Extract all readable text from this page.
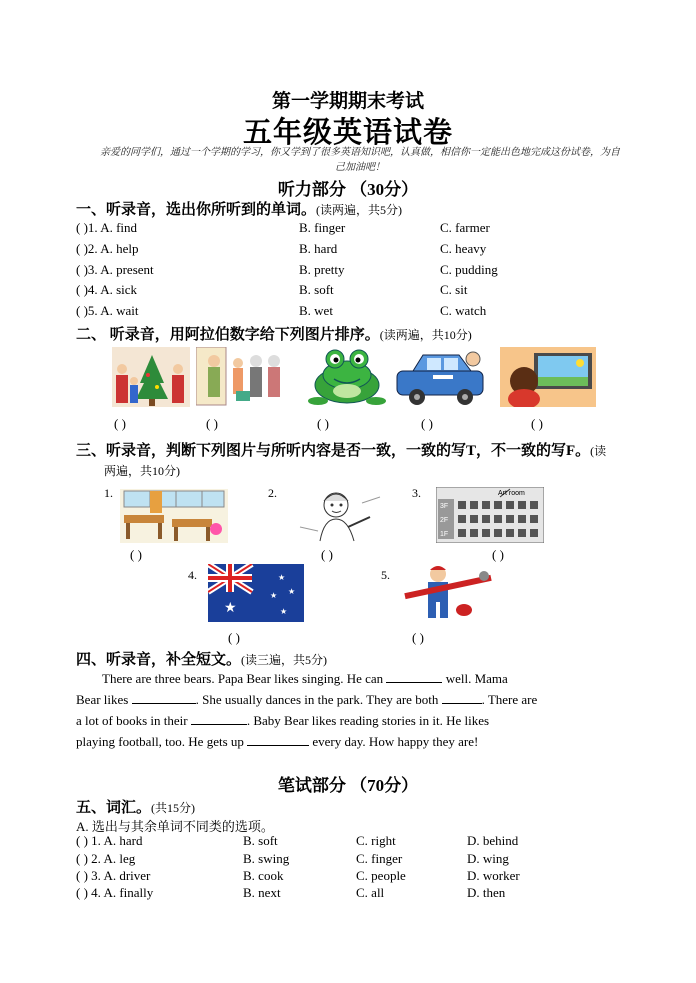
第一学期期末考试
五年级英语试卷
亲爱的同学们，通过一个学期的学习，你又学到了很多英语知识吧，认真做，相信你一定能出色地完成这份试卷，为自己加油吧！
听力部分 （30分）
一、听录音，选出你所听到的单词。(读两遍，共5分)
( )1. A. find	B. finger	C. farmer
( )2. A. help	B. hard	C. heavy
( )3. A. present	B. pretty	C. pudding
( )4. A. sick	B. soft	C. sit
( )5. A. wait	B. wet	C. watch
二、 听录音，用阿拉伯数字给下列图片排序。(读两遍，共10分)
( )	( )	( )	( )	( )
三、听录音，判断下列图片与所听内容是否一致，一致的写T，不一致的写F。(读
两遍，共10分)
1.
( )
2.
( )
3.	Art room
3F
2F
1F
( )
4.
★
★
★
★
★
( )
5.
( )
四、听录音，补全短文。(读三遍，共5分)
There are three bears. Papa Bear likes singing. He can	well. Mama
Bear likes	. She usually dances in the park. They are both	. There are
a lot of books in their	. Baby Bear likes reading stories in it. He likes
playing football, too. He gets up	every day. How happy they are!
笔试部分 （70分）
五、词汇。(共15分)
A. 选出与其余单词不同类的选项。
( ) 1. A. hard	B. soft	C. right	D. behind
( ) 2. A. leg	B. swing	C. finger	D. wing
( ) 3. A. driver	B. cook	C. people	D. worker
( ) 4. A. finally	B. next	C. all	D. then
